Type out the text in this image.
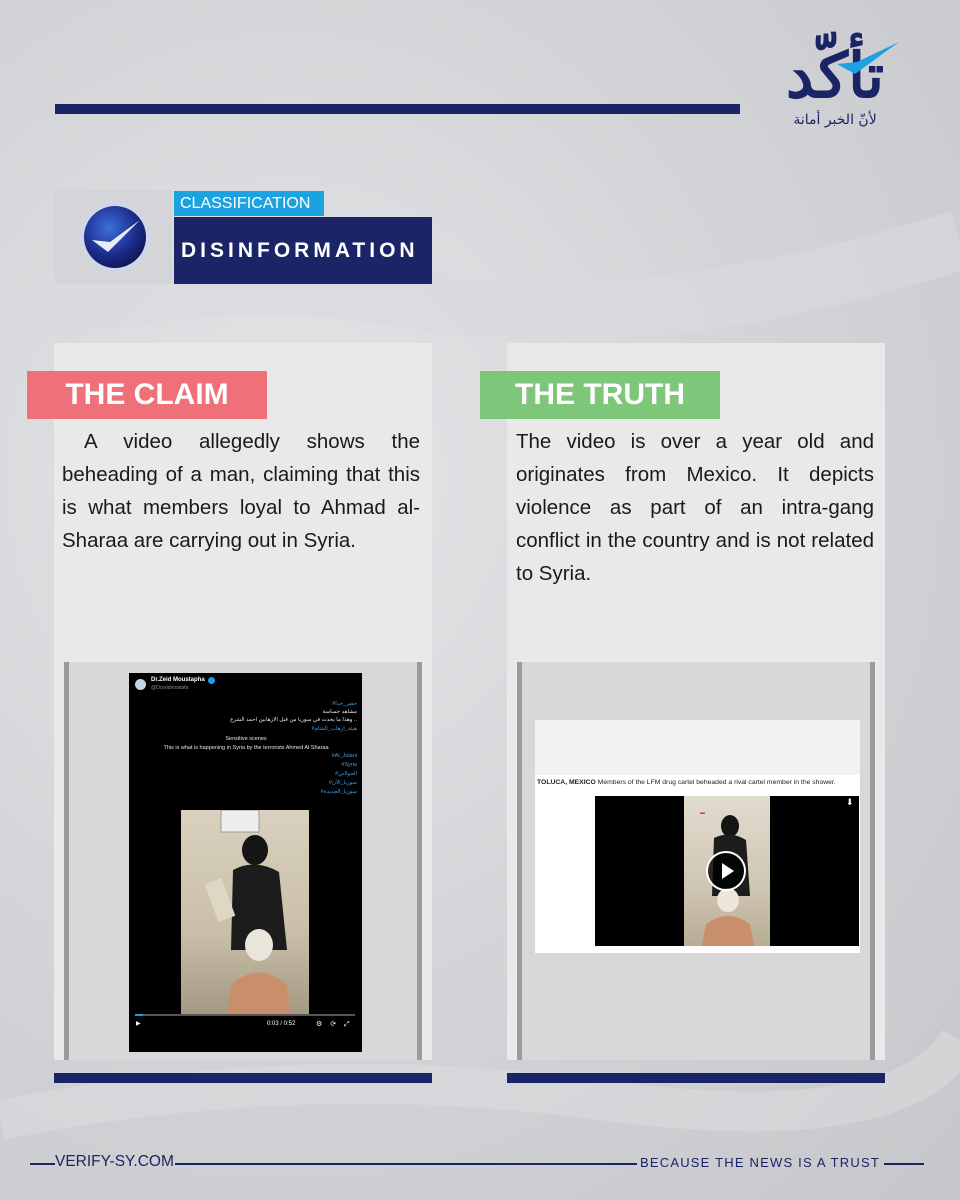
تأكّد
لأنّ الخبر أمانة
CLASSIFICATION
DISINFORMATION
THE CLAIM	THE TRUTH
A video allegedly shows the beheading of a man, claiming that this is what members loyal to Ahmad al-Sharaa are carrying out in Syria.
The video is over a year old and originates from Mexico. It depicts violence as part of an intra-gang conflict in the country and is not related to Syria.
Dr.Zeid Moustapha
@Drzeidmostafa
#حقير_جدا
مشاهد حساسة
وهذا ما يحدث في سوريا من قبل الارهابين احمد الشرع ..
#هيئة_ارهاب_الشام
Sensitive scenes
This is what is happening in Syria by the terrorists Ahmed Al Sharaa
#Al_Julani
#Syria
#الجولاني
#سوريا_الآن
#سوريا_الجديدة
▶	0:03 / 0:52	⚙ ⟳ ⤢
TOLUCA, MEXICO Members of the LFM drug cartel beheaded a rival cartel member in the shower.
▬
⬇
VERIFY-SY.COM	BECAUSE THE NEWS IS A TRUST
